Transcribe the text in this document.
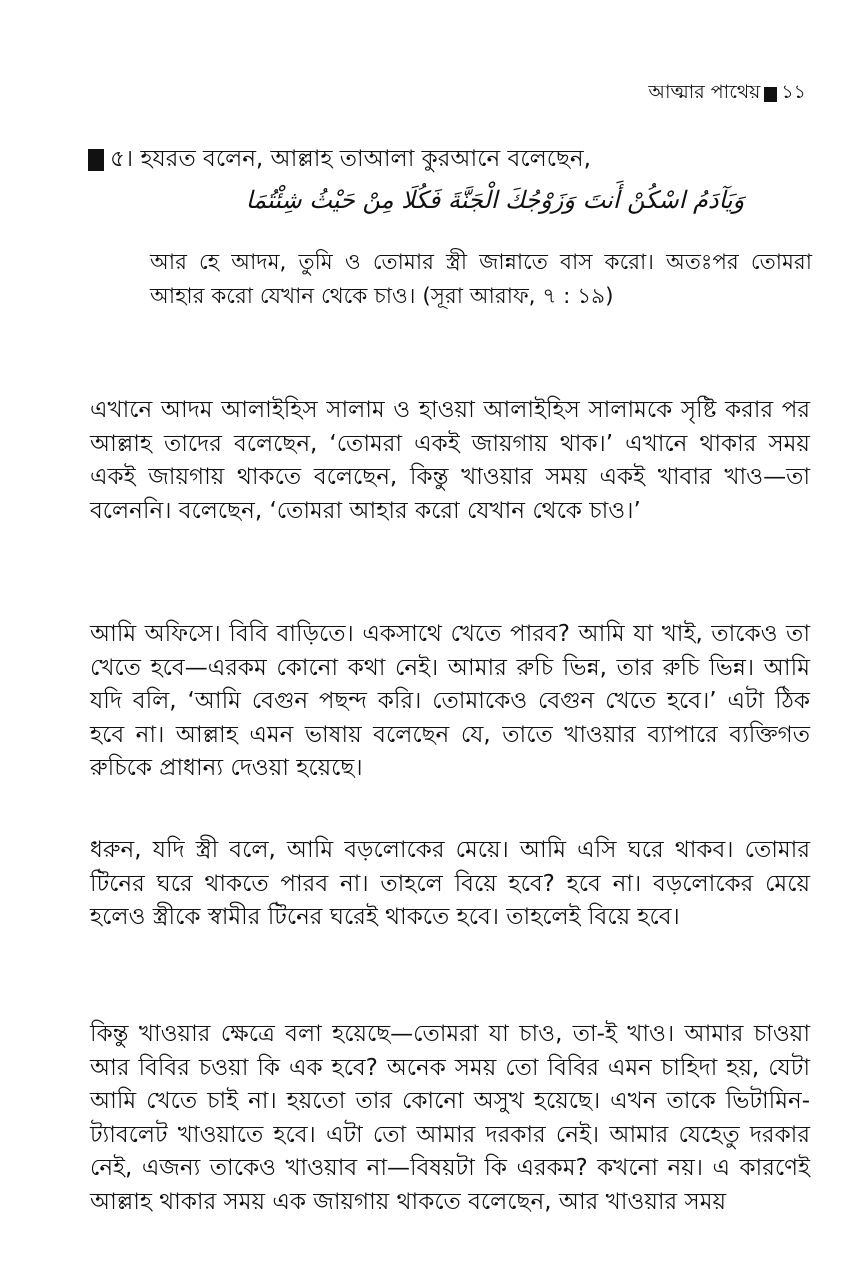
আত্মার পাথেয় ১১
৫।
হযরত বলেন, আল্লাহ তাআলা কুরআনে বলেছেন,
وَيَآدَمُ اسْكُنْ أَنتَ وَزَوْجُكَ الْجَنَّةَ فَكُلَا مِنْ حَيْثُ شِئْتُمَا
আর হে আদম, তুমি ও তোমার স্ত্রী জান্নাতে বাস করো। অতঃপর তোমরা আহার করো যেখান থেকে চাও। (সূরা আরাফ, ৭ : ১৯)
এখানে আদম আলাইহিস সালাম ও হাওয়া আলাইহিস সালামকে সৃষ্টি করার পর আল্লাহ তাদের বলেছেন, ‘তোমরা একই জায়গায় থাক।’ এখানে থাকার সময় একই জায়গায় থাকতে বলেছেন, কিন্তু খাওয়ার সময় একই খাবার খাও—তা বলেননি। বলেছেন, ‘তোমরা আহার করো যেখান থেকে চাও।’
আমি অফিসে। বিবি বাড়িতে। একসাথে খেতে পারব? আমি যা খাই, তাকেও তা খেতে হবে—এরকম কোনো কথা নেই। আমার রুচি ভিন্ন, তার রুচি ভিন্ন। আমি যদি বলি, ‘আমি বেগুন পছন্দ করি। তোমাকেও বেগুন খেতে হবে।’ এটা ঠিক হবে না। আল্লাহ এমন ভাষায় বলেছেন যে, তাতে খাওয়ার ব্যাপারে ব্যক্তিগত রুচিকে প্রাধান্য দেওয়া হয়েছে।
ধরুন, যদি স্ত্রী বলে, আমি বড়লোকের মেয়ে। আমি এসি ঘরে থাকব। তোমার টিনের ঘরে থাকতে পারব না। তাহলে বিয়ে হবে? হবে না। বড়লোকের মেয়ে হলেও স্ত্রীকে স্বামীর টিনের ঘরেই থাকতে হবে। তাহলেই বিয়ে হবে।
কিন্তু খাওয়ার ক্ষেত্রে বলা হয়েছে—তোমরা যা চাও, তা-ই খাও। আমার চাওয়া আর বিবির চওয়া কি এক হবে? অনেক সময় তো বিবির এমন চাহিদা হয়, যেটা আমি খেতে চাই না। হয়তো তার কোনো অসুখ হয়েছে। এখন তাকে ভিটামিন-ট্যাবলেট খাওয়াতে হবে। এটা তো আমার দরকার নেই। আমার যেহেতু দরকার নেই, এজন্য তাকেও খাওয়াব না—বিষয়টা কি এরকম? কখনো নয়। এ কারণেই আল্লাহ থাকার সময় এক জায়গায় থাকতে বলেছেন, আর খাওয়ার সময়
